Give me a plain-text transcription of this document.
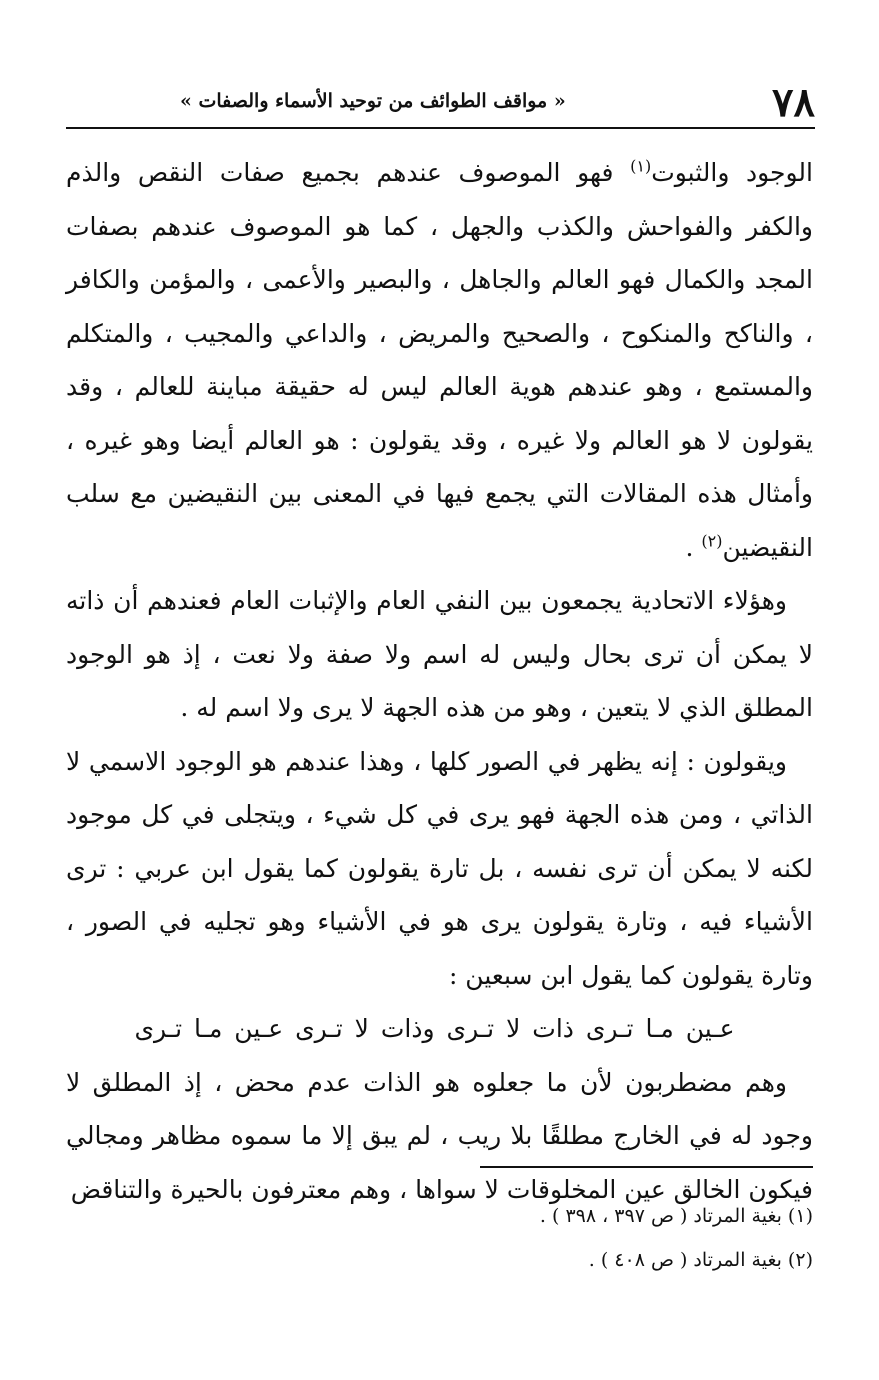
٧٨
« مواقف الطوائف من توحيد الأسماء والصفات »

الوجود والثبوت$^{(١)}$ فهو الموصوف عندهم بجميع صفات النقص والذم والكفر والفواحش والكذب والجهل ، كما هو الموصوف عندهم بصفات المجد والكمال فهو العالم والجاهل ، والبصير والأعمى ، والمؤمن والكافر ، والناكح والمنكوح ، والصحيح والمريض ، والداعي والمجيب ، والمتكلم والمستمع ، وهو عندهم هوية العالم ليس له حقيقة مباينة للعالم ، وقد يقولون لا هو العالم ولا غيره ، وقد يقولون : هو العالم أيضا وهو غيره ، وأمثال هذه المقالات التي يجمع فيها في المعنى بين النقيضين مع سلب النقيضين$^{(٢)}$ .

وهؤلاء الاتحادية يجمعون بين النفي العام والإثبات العام فعندهم أن ذاته لا يمكن أن ترى بحال وليس له اسم ولا صفة ولا نعت ، إذ هو الوجود المطلق الذي لا يتعين ، وهو من هذه الجهة لا يرى ولا اسم له .

ويقولون : إنه يظهر في الصور كلها ، وهذا عندهم هو الوجود الاسمي لا الذاتي ، ومن هذه الجهة فهو يرى في كل شيء ، ويتجلى في كل موجود لكنه لا يمكن أن ترى نفسه ، بل تارة يقولون كما يقول ابن عربي : ترى الأشياء فيه ، وتارة يقولون يرى هو في الأشياء وهو تجليه في الصور ، وتارة يقولون كما يقول ابن سبعين :

عـين مـا تـرى ذات لا تـرى وذات لا تـرى عـين مـا تـرى

وهم مضطربون لأن ما جعلوه هو الذات عدم محض ، إذ المطلق لا وجود له في الخارج مطلقًا بلا ريب ، لم يبق إلا ما سموه مظاهر ومجالي فيكون الخالق عين المخلوقات لا سواها ، وهم معترفون بالحيرة والتناقض

(١) بغية المرتاد ( ص ٣٩٧ ، ٣٩٨ ) .

(٢) بغية المرتاد ( ص ٤٠٨ ) .
